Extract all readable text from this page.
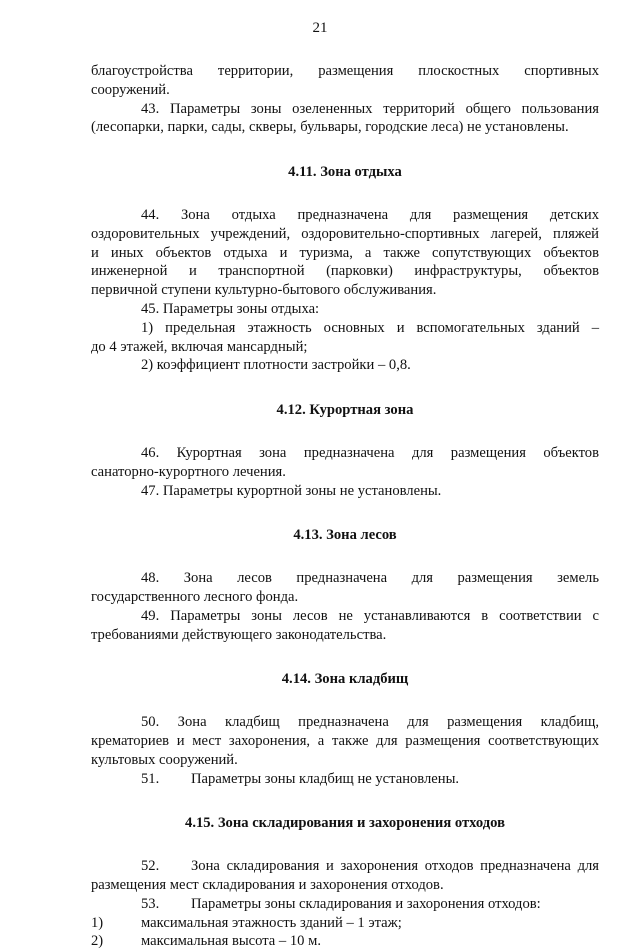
21

благоустройства территории, размещения плоскостных спортивных

сооружений.

43. Параметры зоны озелененных территорий общего пользования

(лесопарки, парки, сады, скверы, бульвары, городские леса) не установлены.

4.11. Зона отдыха

44. Зона отдыха предназначена для размещения детских

оздоровительных учреждений, оздоровительно-спортивных лагерей, пляжей

и иных объектов отдыха и туризма, а также сопутствующих объектов

инженерной и транспортной (парковки) инфраструктуры, объектов

первичной ступени культурно-бытового обслуживания.

45. Параметры зоны отдыха:

1) предельная этажность основных и вспомогательных зданий –

до 4 этажей, включая мансардный;

2) коэффициент плотности застройки – 0,8.

4.12. Курортная зона

46. Курортная зона предназначена для размещения объектов

санаторно-курортного лечения.

47. Параметры курортной зоны не установлены.

4.13. Зона лесов

48. Зона лесов предназначена для размещения земель

государственного лесного фонда.

49. Параметры зоны лесов не устанавливаются в соответствии с

требованиями действующего законодательства.

4.14. Зона кладбищ

50. Зона кладбищ предназначена для размещения кладбищ,

крематориев и мест захоронения, а также для размещения соответствующих

культовых сооружений.

51.	Параметры зоны кладбищ не установлены.
4.15. Зона складирования и захоронения отходов
52.	Зона складирования и захоронения отходов предназначена для

размещения мест складирования и захоронения отходов.

53.	Параметры зоны складирования и захоронения отходов:
1)	максимальная этажность зданий – 1 этаж;
2)	максимальная высота – 10 м.
